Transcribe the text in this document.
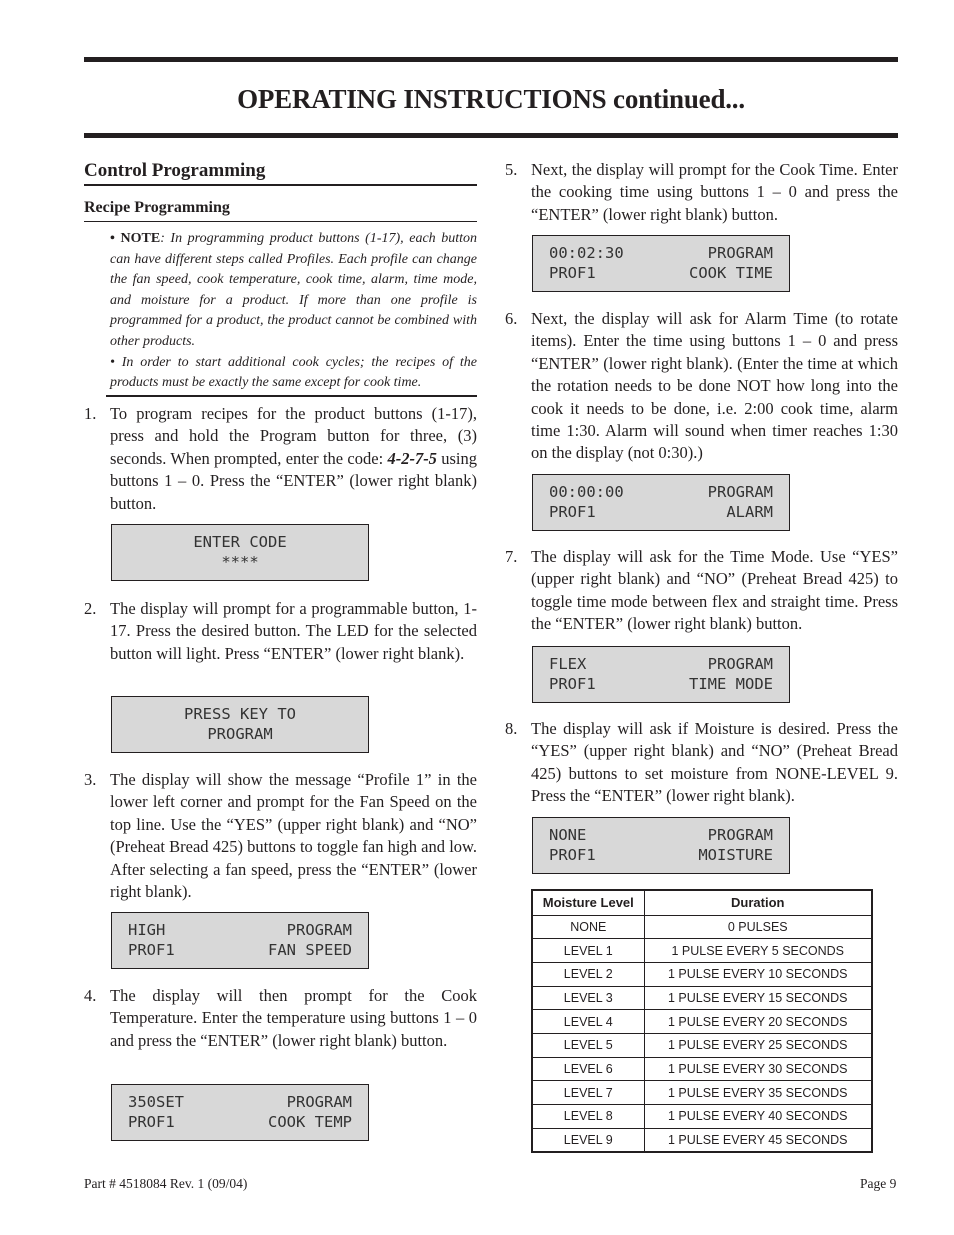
OPERATING INSTRUCTIONS continued...
Control Programming
Recipe Programming
• NOTE: In programming product buttons (1-17), each button can have different steps called Profiles. Each profile can change the fan speed, cook temperature, cook time, alarm, time mode, and moisture for a product. If more than one profile is programmed for a product, the product cannot be combined with other products.
• In order to start additional cook cycles; the recipes of the products must be exactly the same except for cook time.
1. To program recipes for the product buttons (1-17), press and hold the Program button for three, (3) seconds. When prompted, enter the code: 4-2-7-5 using buttons 1 – 0. Press the “ENTER” (lower right blank) button.
ENTER CODE
****
2. The display will prompt for a programmable button, 1-17. Press the desired button. The LED for the selected button will light. Press “ENTER” (lower right blank).
PRESS KEY TO
PROGRAM
3. The display will show the message “Profile 1” in the lower left corner and prompt for the Fan Speed on the top line. Use the “YES” (upper right blank) and “NO” (Preheat Bread 425) buttons to toggle fan high and low. After selecting a fan speed, press the “ENTER” (lower right blank).
HIGH	PROGRAM
PROF1	FAN SPEED
4. The display will then prompt for the Cook Temperature. Enter the temperature using buttons 1 – 0 and press the “ENTER” (lower right blank) button.
350SET	PROGRAM
PROF1	COOK TEMP
5. Next, the display will prompt for the Cook Time. Enter the cooking time using buttons 1 – 0 and press the “ENTER” (lower right blank) button.
00:02:30	PROGRAM
PROF1	COOK TIME
6. Next, the display will ask for Alarm Time (to rotate items). Enter the time using buttons 1 – 0 and press “ENTER” (lower right blank). (Enter the time at which the rotation needs to be done NOT how long into the cook it needs to be done, i.e. 2:00 cook time, alarm time 1:30. Alarm will sound when timer reaches 1:30 on the display (not 0:30).)
00:00:00	PROGRAM
PROF1	ALARM
7. The display will ask for the Time Mode. Use “YES” (upper right blank) and “NO” (Preheat Bread 425) to toggle time mode between flex and straight time. Press the “ENTER” (lower right blank) button.
FLEX	PROGRAM
PROF1	TIME MODE
8. The display will ask if Moisture is desired. Press the “YES” (upper right blank) and “NO” (Preheat Bread 425) buttons to set moisture from NONE-LEVEL 9. Press the “ENTER” (lower right blank).
NONE	PROGRAM
PROF1	MOISTURE
Moisture Level	Duration
NONE	0 PULSES
LEVEL 1	1 PULSE EVERY 5 SECONDS
LEVEL 2	1 PULSE EVERY 10 SECONDS
LEVEL 3	1 PULSE EVERY 15 SECONDS
LEVEL 4	1 PULSE EVERY 20 SECONDS
LEVEL 5	1 PULSE EVERY 25 SECONDS
LEVEL 6	1 PULSE EVERY 30 SECONDS
LEVEL 7	1 PULSE EVERY 35 SECONDS
LEVEL 8	1 PULSE EVERY 40 SECONDS
LEVEL 9	1 PULSE EVERY 45 SECONDS
Part # 4518084 Rev. 1 (09/04)	Page 9
